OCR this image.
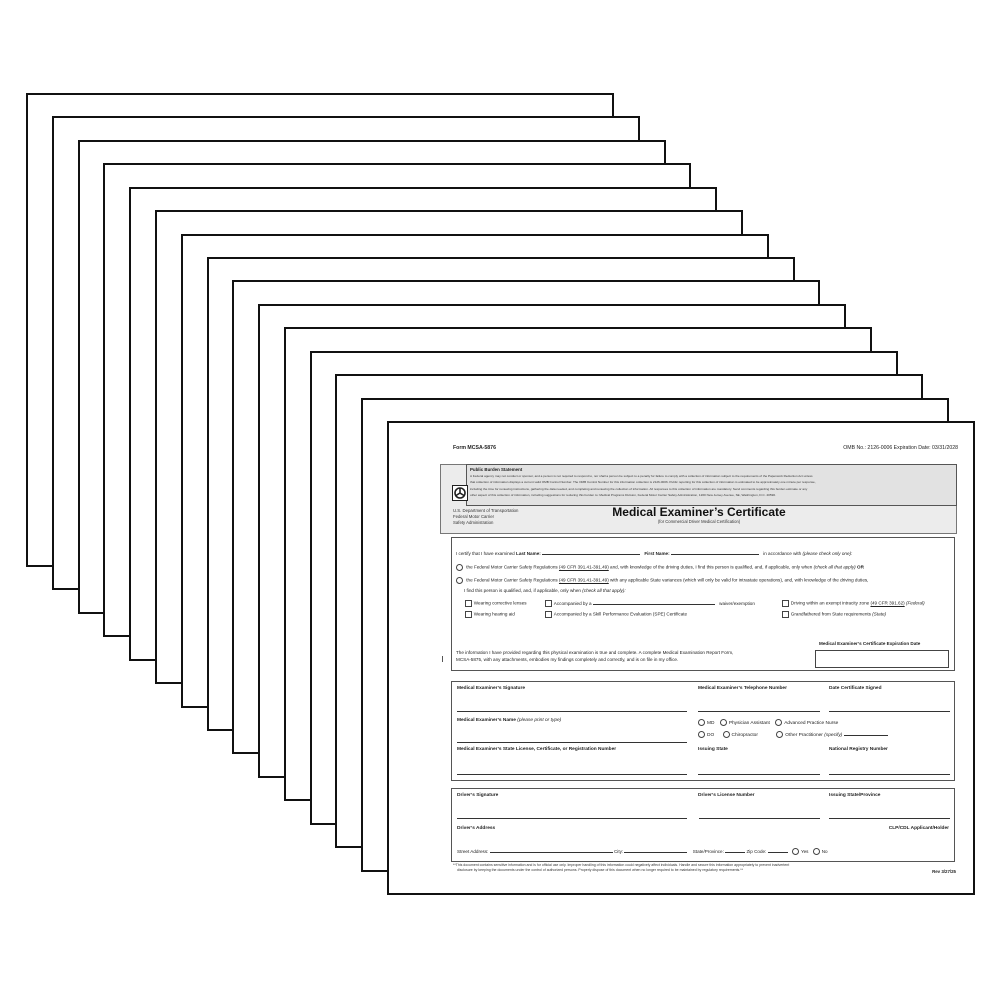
Form MCSA-5876	OMB No.: 2126-0006 Expiration Date: 03/31/2028
Public Burden Statement
A Federal agency may not conduct or sponsor, and a person is not required to respond to, nor shall a person be subject to a penalty for failure to comply with a collection of information subject to the requirements of the Paperwork Reduction Act unless
that collection of information displays a current valid OMB Control Number. The OMB Control Number for this information collection is 2126-0006. Public reporting for this collection of information is estimated to be approximately one minute per response,
including the time for reviewing instructions, gathering the data needed, and completing and reviewing the collection of information. All responses to this collection of information are mandatory. Send comments regarding this burden estimate or any
other aspect of this collection of information, including suggestions for reducing this burden to: Medical Programs Division, Federal Motor Carrier Safety Administration, 1200 New Jersey Avenue, SE, Washington, D.C. 20590.
U.S. Department of Transportation
Federal Motor Carrier
Safety Administration
Medical Examiner’s Certificate
(for Commercial Driver Medical Certification)
I certify that I have examined Last Name:	First Name:	in accordance with (please check only one):
the Federal Motor Carrier Safety Regulations (49 CFR 391.41-391.49) and, with knowledge of the driving duties, I find this person is qualified, and, if applicable, only when (check all that apply) OR
the Federal Motor Carrier Safety Regulations (49 CFR 391.41-391.49) with any applicable State variances (which will only be valid for intrastate operations), and, with knowledge of the driving duties,
I find this person is qualified, and, if applicable, only when (check all that apply):
Wearing corrective lenses	Accompanied by a	waiver/exemption	Driving within an exempt intracity zone (49 CFR 391.62) (Federal)
Wearing hearing aid	Accompanied by a Skill Performance Evaluation (SPE) Certificate	Grandfathered from State requirements (State)
Medical Examiner’s Certificate Expiration Date
The information I have provided regarding this physical examination is true and complete. A complete Medical Examination Report Form,
MCSA-5875, with any attachments, embodies my findings completely and correctly, and is on file in my office.
Medical Examiner’s Signature	Medical Examiner’s Telephone Number	Date Certificate Signed
Medical Examiner’s Name (please print or type)
MD	Physician Assistant	Advanced Practice Nurse
DO	Chiropractor	Other Practitioner (specify)
Medical Examiner’s State License, Certificate, or Registration Number	Issuing State	National Registry Number
Driver’s Signature	Driver’s License Number	Issuing State/Province
Driver’s Address	CLP/CDL Applicant/Holder
Street Address:	City:	State/Province:	Zip Code:	Yes	No
**This document contains sensitive information and is for official use only. Improper handling of this information could negatively affect individuals. Handle and secure this information appropriately to prevent inadvertent
disclosure by keeping the documents under the control of authorized persons. Properly dispose of this document when no longer required to be maintained by regulatory requirements.**	Rev 3/27/25
